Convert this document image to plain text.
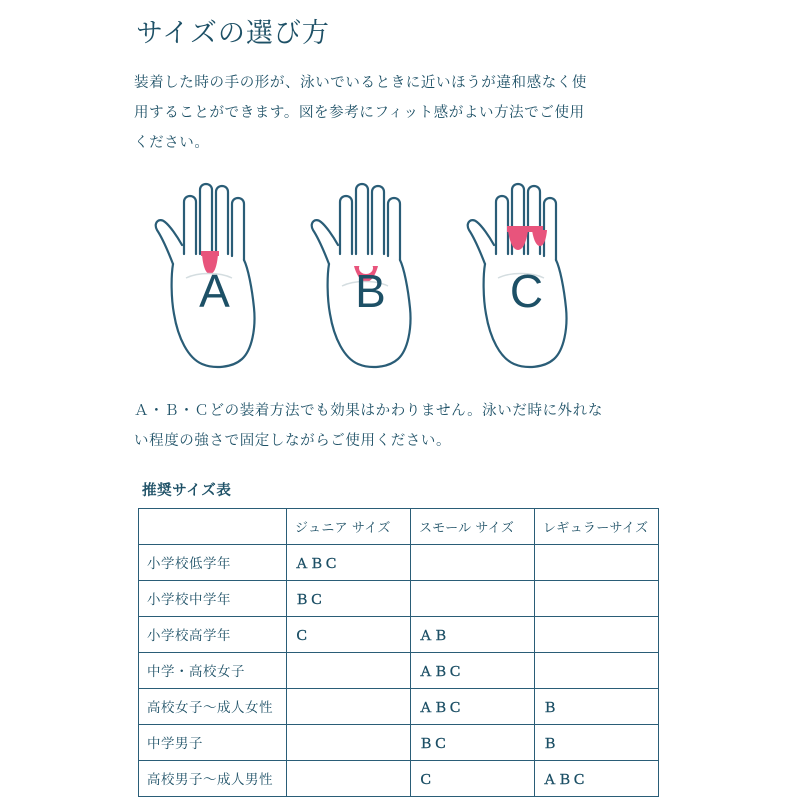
サイズの選び方

装着した時の手の形が、泳いでいるときに近いほうが違和感なく使用することができます。図を参考にフィット感がよい方法でご使用ください。

A	B	C

Ａ・Ｂ・Ｃどの装着方法でも効果はかわりません。泳いだ時に外れない程度の強さで固定しながらご使用ください。

推奨サイズ表
	ジュニア サイズ	スモール サイズ	レギュラーサイズ
小学校低学年	ＡＢＣ		
小学校中学年	ＢＣ		
小学校高学年	Ｃ	ＡＢ	
中学・高校女子		ＡＢＣ	
高校女子～成人女性		ＡＢＣ	Ｂ
中学男子		ＢＣ	Ｂ
高校男子～成人男性		Ｃ	ＡＢＣ
